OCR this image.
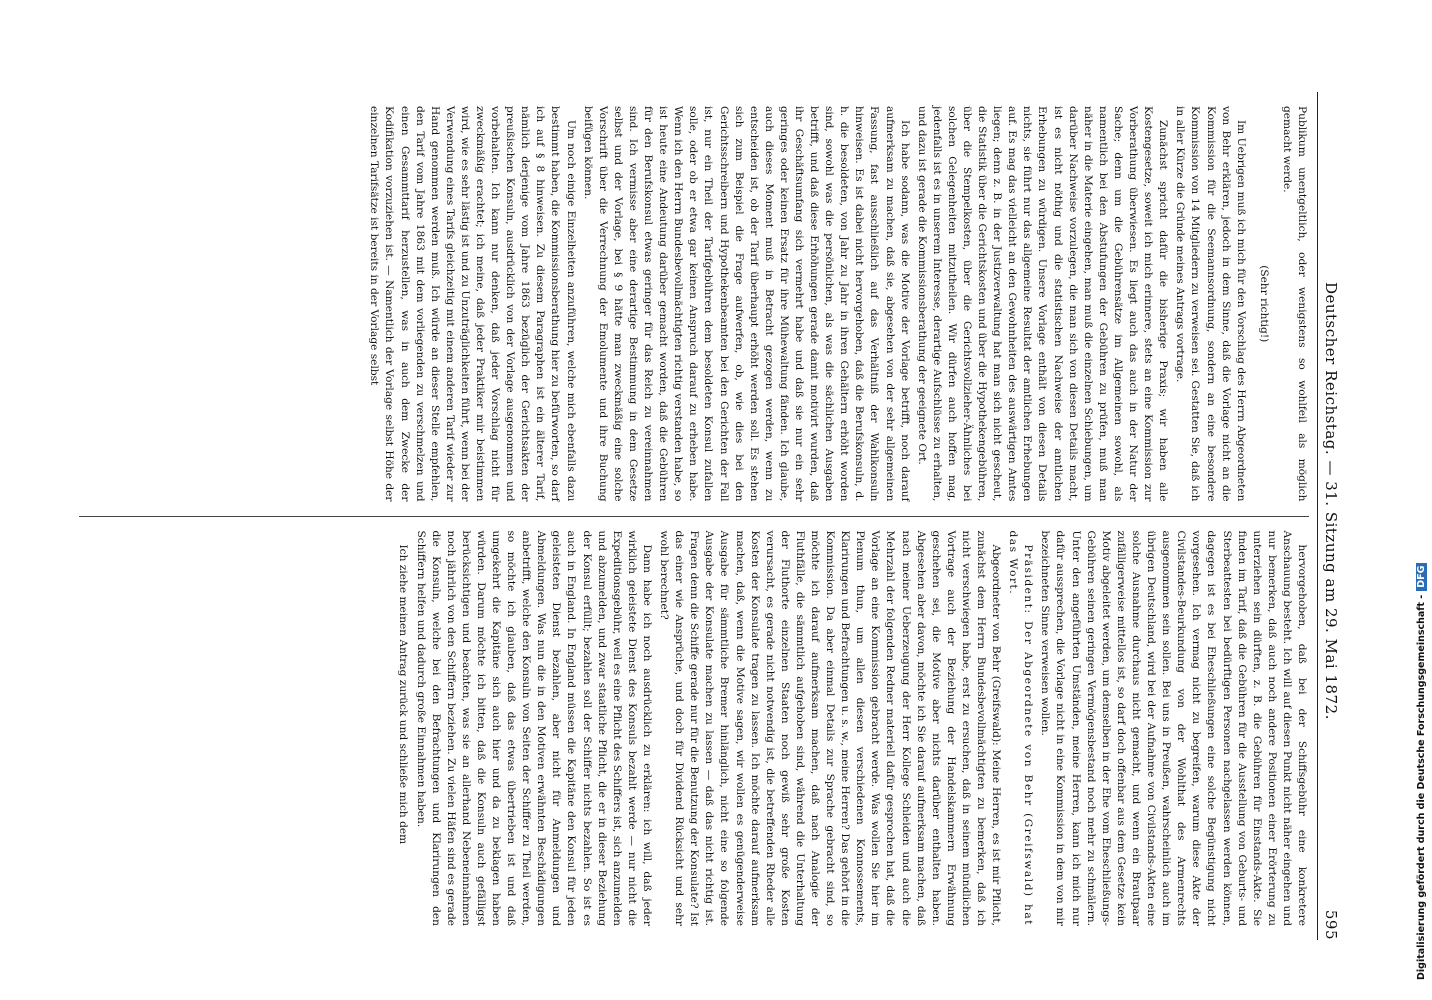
Deutscher Reichstag. — 31. Sitzung am 29. Mai 1872.
595

Publikum unentgeltlich, oder wenigstens so wohlfeil als möglich gemacht werde.

(Sehr richtig!)

Im Uebrigen muß ich mich für den Vorschlag des Herrn Abgeordneten von Behr erklären, jedoch in dem Sinne, daß die Vorlage nicht an die Kommission für die Seemannsordnung, sondern an eine besondere Kommission von 14 Mitgliedern zu verweisen sei. Gestatten Sie, daß ich in aller Kürze die Gründe meines Antrags vortrage.

Zunächst spricht dafür die bisherige Praxis; wir haben alle Kostengesetze, soweit ich mich erinnere, stets an eine Kommission zur Vorberathung überwiesen. Es liegt auch das auch in der Natur der Sache; denn um die Gebührensätze im Allgemeinen sowohl, als namentlich bei den Abstufungen der Gebühren zu prüfen, muß man näher in die Materie eingehen, man muß die einzelnen Schiebungen, um darüber Nachweise vorzulegen, die man sich von diesen Details macht, ist es nicht nöthig und die statistischen Nachweise der amtlichen Erhebungen zu würdigen. Unsere Vorlage enthält von diesen Details nichts, sie führt nur das allgemeine Resultat der amtlichen Erhebungen auf. Es mag das vielleicht an den Gewohnheiten des auswärtigen Amtes liegen; denn z. B. in der Justizverwaltung hat man sich nicht gescheut, die Statistik über die Gerichtskosten und über die Hypothekengebühren, über die Stempelkosten, über die Gerichtsvollzieher-Ähnliches bei solchen Gelegenheiten mitzutheilen. Wir dürfen auch hoffen mag, jedenfalls ist es in unserem Interesse, derartige Aufschlüsse zu erhalten, und dazu ist gerade die Kommissionsberathung der geeignete Ort.

Ich habe sodann, was die Motive der Vorlage betrifft, noch darauf aufmerksam zu machen, daß sie, abgesehen von der sehr allgemeinen Fassung, fast ausschließlich auf das Verhältniß der Wahlkonsuln hinweisen. Es ist dabei nicht hervorgehoben, daß die Berufskonsuln, d. h. die besoldeten, von Jahr zu Jahr in ihren Gehältern erhöht worden sind, sowohl was die persönlichen, als was die sächlichen Ausgaben betrifft, und daß diese Erhöhungen gerade damit motivirt wurden, daß ihr Geschäftsumfang sich vermehrt habe und daß sie nur ein sehr geringes oder keinen Ersatz für ihre Mühewaltung fänden. Ich glaube, auch dieses Moment muß in Betracht gezogen werden, wenn zu entscheiden ist, ob der Tarif überhaupt erhöht werden soll. Es stehen sich zum Beispiel die Frage aufwerfen, ob, wie dies bei den Gerichtsschreibern und Hypothekenbeamten bei den Gerichten der Fall ist, nur ein Theil der Tarifgebühren dem besoldeten Konsul zufallen solle, oder ob er etwa gar keinen Anspruch darauf zu erheben habe. Wenn ich den Herrn Bundesbevollmächtigten richtig verstanden habe, so ist heute eine Andeutung darüber gemacht worden, daß die Gebühren für den Berufskonsul etwas geringer für das Reich zu vereinnahmen sind. Ich vermisse aber eine derartige Bestimmung in dem Gesetze selbst und der Vorlage, bei § 9 hätte man zweckmäßig eine solche Vorschrift über die Verrechnung der Emolumente und ihre Buchung beifügen können.

Um noch einige Einzelheiten anzuführen, welche mich ebenfalls dazu bestimmt haben, die Kommissionsberathung hier zu befürworten, so darf ich auf § 8 hinweisen. Zu diesem Paragraphen ist ein älterer Tarif, nämlich derjenige vom Jahre 1863 bezüglich der Gerichtsakten der preußischen Konsuln, ausdrücklich von der Vorlage ausgenommen und vorbehalten. Ich kann nur denken, daß jeder Vorschlag nicht für zweckmäßig erachtet; ich meine, daß jeder Praktiker mir beistimmen wird, wie es sehr lästig ist und zu Unzuträglichkeiten führt, wenn bei der Verwendung eines Tarifs gleichzeitig mit einem anderen Tarif wieder zur Hand genommen werden muß. Ich würde an dieser Stelle empfehlen, den Tarif vom Jahre 1863 mit dem vorliegenden zu verschmelzen und einen Gesammttarif herzustellen, was in auch dem Zwecke der Kodifikation vorzuziehen ist. — Namentlich der Vorlage selbst Höhe der einzelnen Tarifsätze ist bereits in der Vorlage selbst

hervorgehoben, daß bei der Schiffsgebühr eine konkretere Anschauung besteht. Ich will auf diesen Punkt nicht näher eingehen und nur bemerken, daß auch noch andere Positionen einer Erörterung zu unterziehen sein dürften, z. B. die Gebühren für Einstands-Akte. Sie finden im Tarif, daß die Gebühren für die Ausstellung von Geburts- und Sterbeattesten bei bedürftigen Personen nachgelassen werden können, dagegen ist es bei Eheschließungen eine solche Begünstigung nicht vorgesehen. Ich vermag nicht zu begreifen, warum diese Akte der Civilstandes-Beurkundung von der Wohlthat des Armenrechts ausgenommen sein sollen. Bei uns in Preußen, wahrscheinlich auch im übrigen Deutschland, wird bei der Aufnahme von Civilstands-Akten eine solche Ausnahme durchaus nicht gemacht, und wenn ein Brautpaar zufälligerweise mittellos ist, so darf doch offenbar aus dem Gesetze kein Motiv abgeleitet werden, um demselben in der Ehe vom Eheschließungs-Gebühren seinen geringen Vermögensbestand noch mehr zu schmälern. Unter den angeführten Umständen, meine Herren, kann ich mich nur dafür aussprechen, die Vorlage nicht in eine Kommission in dem von mir bezeichneten Sinne verweisen wollen.

Präsident: Der Abgeordnete von Behr (Greifswald) hat das Wort.

Abgeordneter von Behr (Greifswald): Meine Herren, es ist mir Pflicht, zunächst dem Herrn Bundesbevollmächtigten zu bemerken, daß ich nicht verschwiegen habe, erst zu ersuchen, daß in seinem mündlichen Vortrage auch der Beziehung der Handelskammern Erwähnung geschehen sei, die Motive aber nichts darüber enthalten haben. Abgesehen aber davon, möchte ich Sie darauf aufmerksam machen, daß nach meiner Ueberzeugung der Herr Kollege Schleiden und auch die Mehrzahl der folgenden Redner materiell dafür gesprochen hat, daß die Vorlage an eine Kommission gebracht werde. Was wollen Sie hier im Plenum thun, um allen diesen verschiedenen Konnossements, Klarirungen und Befrachtungen u. s. w., meine Herren? Das gehört in die Kommission. Da aber einmal Details zur Sprache gebracht sind, so möchte ich darauf aufmerksam machen, daß nach Analogie der Fluthfälle, die sämmtlich aufgehoben sind, während die Unterhaltung der Fluthorte einzelnen Staaten noch gewiß sehr große Kosten verursacht, es gerade nicht notwendig ist, die betreffenden Rheder alle Kosten der Konsulate tragen zu lassen. Ich möchte darauf aufmerksam machen, daß, wenn die Motive sagen, wir wollen es genügenderweise Ausgabe für sämmtliche Bremer hinlänglich, nicht eine so folgende Ausgabe der Konsulate machen zu lassen — daß das nicht richtig ist. Fragen denn die Schiffe gerade nur für die Benutzung der Konsulate? Ist das einer wie Ansprüche, und doch für Dividend Rücksicht und sehr wohl berechnet?

Dann habe ich noch ausdrücklich zu erklären: ich will, daß jeder wirklich geleistete Dienst des Konsuls bezahlt werde — nur nicht die Expeditionsgebühr, weil es eine Pflicht des Schiffers ist, sich anzumelden und abzumelden, und zwar staatliche Pflicht, die er in dieser Beziehung der Konsul erfüllt; bezahlen soll der Schiffer nichts bezahlen. So ist es auch in England. In England müssen die Kapitäne den Konsul für jeden geleisteten Dienst bezahlen, aber nicht für Anmeldungen und Abmeldungen. Was nun die in den Motiven erwähnten Beschädigungen anbetrifft, welche den Konsuln von Seiten der Schiffer zu Theil werden, so möchte ich glauben, daß das etwas übertrieben ist und daß umgekehrt die Kapitäne sich auch hier und da zu beklagen haben würden. Darum möchte ich bitten, daß die Konsuln auch gefälligst berücksichtigen und beachten, was sie an allerhand Nebeneinnahmen noch jährlich von den Schiffern beziehen. Zu vielen Häfen sind es gerade die Konsuln, welche bei den Befrachtungen und Klarirungen den Schiffern helfen und dadurch große Einnahmen haben.

Ich ziehe meinen Antrag zurück und schließe mich dem	Digitalisierung gefördert durch die Deutsche Forschungsgemeinschaft -DFG
